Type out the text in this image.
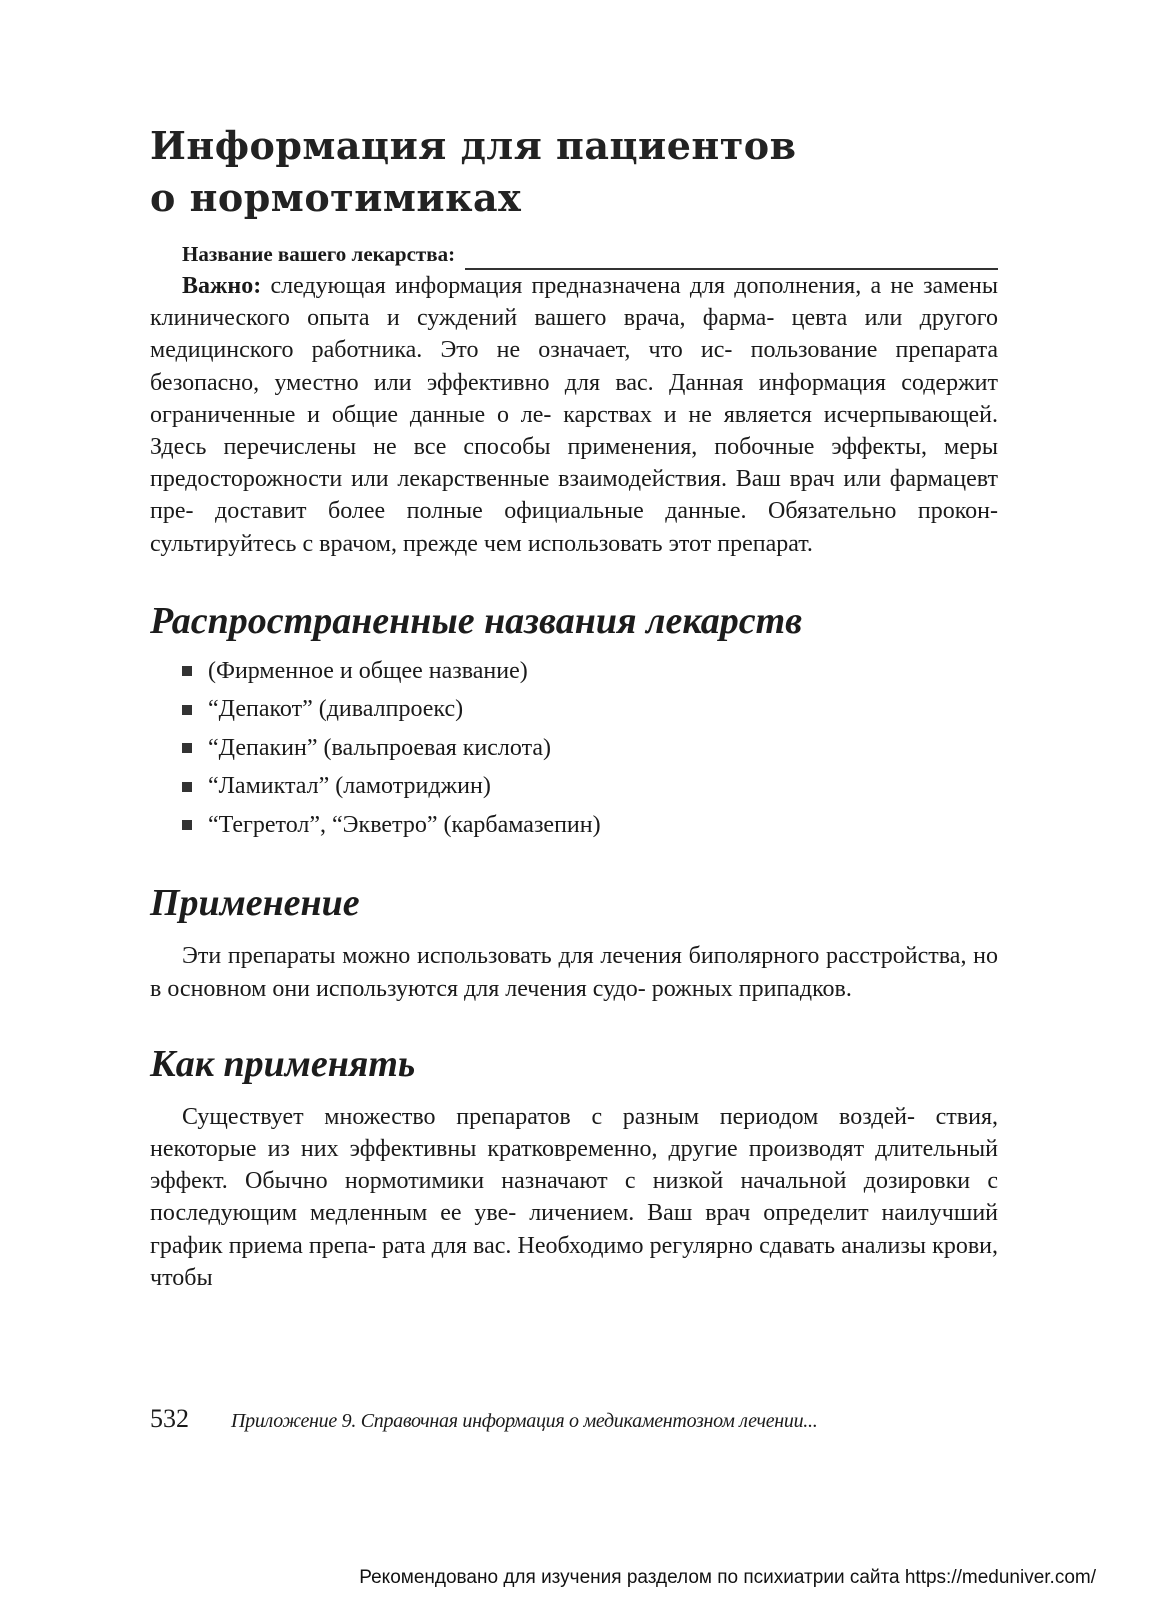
Информация для пациентов
о нормотимиках
Название вашего лекарства:

Важно: следующая информация предназначена для дополнения, а не замены клинического опыта и суждений вашего врача, фарма- цевта или другого медицинского работника. Это не означает, что ис- пользование препарата безопасно, уместно или эффективно для вас. Данная информация содержит ограниченные и общие данные о ле- карствах и не является исчерпывающей. Здесь перечислены не все способы применения, побочные эффекты, меры предосторожности или лекарственные взаимодействия. Ваш врач или фармацевт пре- доставит более полные официальные данные. Обязательно прокон- сультируйтесь с врачом, прежде чем использовать этот препарат.

Распространенные названия лекарств
(Фирменное и общее название)
“Депакот” (дивалпроекс)
“Депакин” (вальпроевая кислота)
“Ламиктал” (ламотриджин)
“Тегретол”, “Экветро” (карбамазепин)
Применение

Эти препараты можно использовать для лечения биполярного расстройства, но в основном они используются для лечения судо- рожных припадков.

Как применять

Существует множество препаратов с разным периодом воздей- ствия, некоторые из них эффективны кратковременно, другие производят длительный эффект. Обычно нормотимики назначают с низкой начальной дозировки с последующим медленным ее уве- личением. Ваш врач определит наилучший график приема препа- рата для вас. Необходимо регулярно сдавать анализы крови, чтобы

532 Приложение 9. Справочная информация о медикаментозном лечении...
Рекомендовано для изучения разделом по психиатрии сайта https://meduniver.com/
